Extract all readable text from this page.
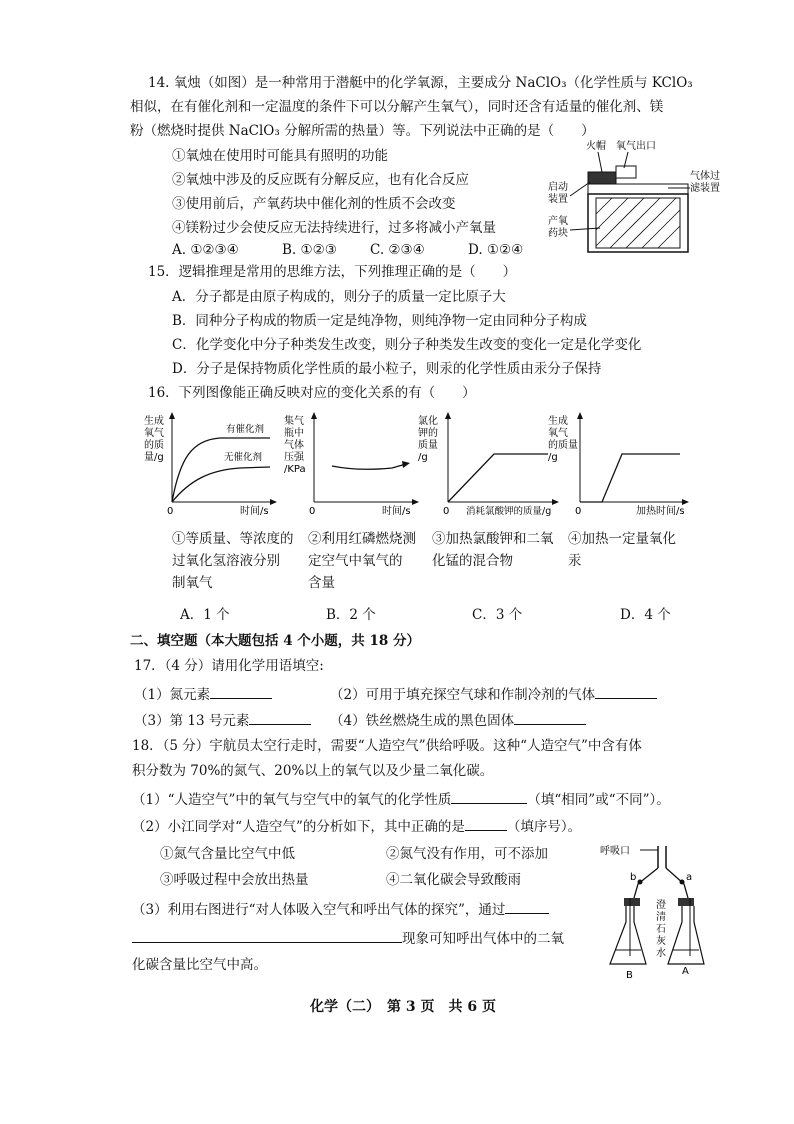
14. 氧烛（如图）是一种常用于潜艇中的化学氧源，主要成分 NaClO₃（化学性质与 KClO₃
相似，在有催化剂和一定温度的条件下可以分解产生氧气），同时还含有适量的催化剂、镁
粉（燃烧时提供 NaClO₃ 分解所需的热量）等。下列说法中正确的是（　　）
①氧烛在使用时可能具有照明的功能
②氧烛中涉及的反应既有分解反应，也有化合反应
③使用前后，产氧药块中催化剂的性质不会改变
④镁粉过少会使反应无法持续进行，过多将减小产氧量
A. ①②③④	B. ①②③ C. ②③④	D. ①②④
火帽 氧气出口
气体过
滤装置
启动
装置
产氧
药块
15．逻辑推理是常用的思维方法，下列推理正确的是（　　）
A．分子都是由原子构成的，则分子的质量一定比原子大
B．同种分子构成的物质一定是纯净物，则纯净物一定由同种分子构成
C．化学变化中分子种类发生改变，则分子种类发生改变的变化一定是化学变化
D．分子是保持物质化学性质的最小粒子，则汞的化学性质由汞分子保持
16．下列图像能正确反映对应的变化关系的有（　　）
生成
氧气
的质
量/g
0	时间/s
有催化剂
无催化剂
集气
瓶中
气体
压强
/KPa
0	时间/s
氯化
钾的
质量
/g
0 消耗氯酸钾的质量/g
生成
氧气
的质量
/g
0	加热时间/s
①等质量、等浓度的
过氧化氢溶液分别
制氧气
②利用红磷燃烧测
定空气中氧气的
含量
③加热氯酸钾和二氧
化锰的混合物
④加热一定量氧化
汞
A．1 个	B．2 个	C．3 个	D．4 个
二、填空题（本大题包括 4 个小题，共 18 分）
17．（4 分）请用化学用语填空:
（1）氮元素	（2）可用于填充探空气球和作制冷剂的气体
（3）第 13 号元素	（4）铁丝燃烧生成的黑色固体
18．（5 分）宇航员太空行走时，需要“人造空气”供给呼吸。这种“人造空气”中含有体
积分数为 70%的氮气、20%以上的氧气以及少量二氧化碳。
（1）“人造空气”中的氧气与空气中的氧气的化学性质	（填“相同”或“不同”）。
（2）小江同学对“人造空气”的分析如下，其中正确的是	（填序号）。
①氮气含量比空气中低	②氮气没有作用，可不添加
③呼吸过程中会放出热量	④二氧化碳会导致酸雨
（3）利用右图进行“对人体吸入空气和呼出气体的探究”，通过
现象可知呼出气体中的二氧
化碳含量比空气中高。
呼吸口
b	a
澄
清
石
灰
水
B	A
化学（二）　第 3 页　共 6 页
